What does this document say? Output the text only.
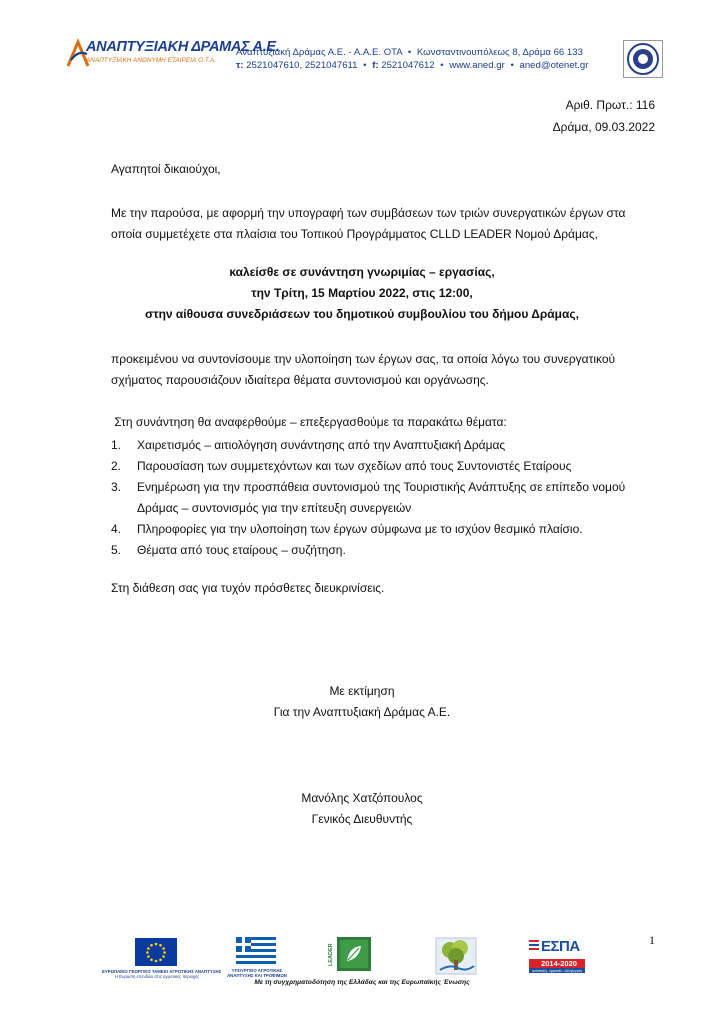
ΑΝΑΠΤΥΞΙΑΚΗ ΔΡΑΜΑΣ Α.Ε.
ΑΝΑΠΤΥΞΙΑΚΗ ΑΝΩΝΥΜΗ ΕΤΑΙΡΕΙΑ Ο.Τ.Α.
Αναπτυξιακή Δράμας Α.Ε. - Α.Α.Ε. ΟΤΑ • Κωνσταντινουπόλεως 8, Δράμα 66 133
τ: 2521047610, 2521047611 • f: 2521047612 • www.aned.gr • aned@otenet.gr
Αριθ. Πρωτ.: 116
Δράμα, 09.03.2022
Αγαπητοί δικαιούχοι,
Με την παρούσα, με αφορμή την υπογραφή των συμβάσεων των τριών συνεργατικών έργων στα
οποία συμμετέχετε στα πλαίσια του Τοπικού Προγράμματος CLLD LEADER Νομού Δράμας,
καλείσθε σε συνάντηση γνωριμίας – εργασίας,
την Τρίτη, 15 Μαρτίου 2022, στις 12:00,
στην αίθουσα συνεδριάσεων του δημοτικού συμβουλίου του δήμου Δράμας,
προκειμένου να συντονίσουμε την υλοποίηση των έργων σας, τα οποία λόγω του συνεργατικού
σχήματος παρουσιάζουν ιδιαίτερα θέματα συντονισμού και οργάνωσης.
Στη συνάντηση θα αναφερθούμε – επεξεργασθούμε τα παρακάτω θέματα:
1. Χαιρετισμός – αιτιολόγηση συνάντησης από την Αναπτυξιακή Δράμας
2. Παρουσίαση των συμμετεχόντων και των σχεδίων από τους Συντονιστές Εταίρους
3. Ενημέρωση για την προσπάθεια συντονισμού της Τουριστικής Ανάπτυξης σε επίπεδο νομού
Δράμας – συντονισμός για την επίτευξη συνεργειών
4. Πληροφορίες για την υλοποίηση των έργων σύμφωνα με το ισχύον θεσμικό πλαίσιο.
5. Θέματα από τους εταίρους – συζήτηση.
Στη διάθεση σας για τυχόν πρόσθετες διευκρινίσεις.
Με εκτίμηση
Για την Αναπτυξιακή Δράμας Α.Ε.
Μανόλης Χατζόπουλος
Γενικός Διευθυντής
1
ΕΥΡΩΠΑΪΚΟ ΓΕΩΡΓΙΚΟ ΤΑΜΕΙΟ ΑΓΡΟΤΙΚΗΣ ΑΝΑΠΤΥΞΗΣ
Η Ευρώπη επενδύει στις αγροτικές περιοχές
ΥΠΟΥΡΓΕΙΟ ΑΓΡΟΤΙΚΗΣ
ΑΝΑΠΤΥΞΗΣ ΚΑΙ ΤΡΟΦΙΜΩΝ
LEADER	ΕΣΠΑ
2014-2020
ανάπτυξη - εργασία - αλληλεγγύη
Με τη συγχρηματοδότηση της Ελλάδας και της Ευρωπαϊκής Ένωσης
